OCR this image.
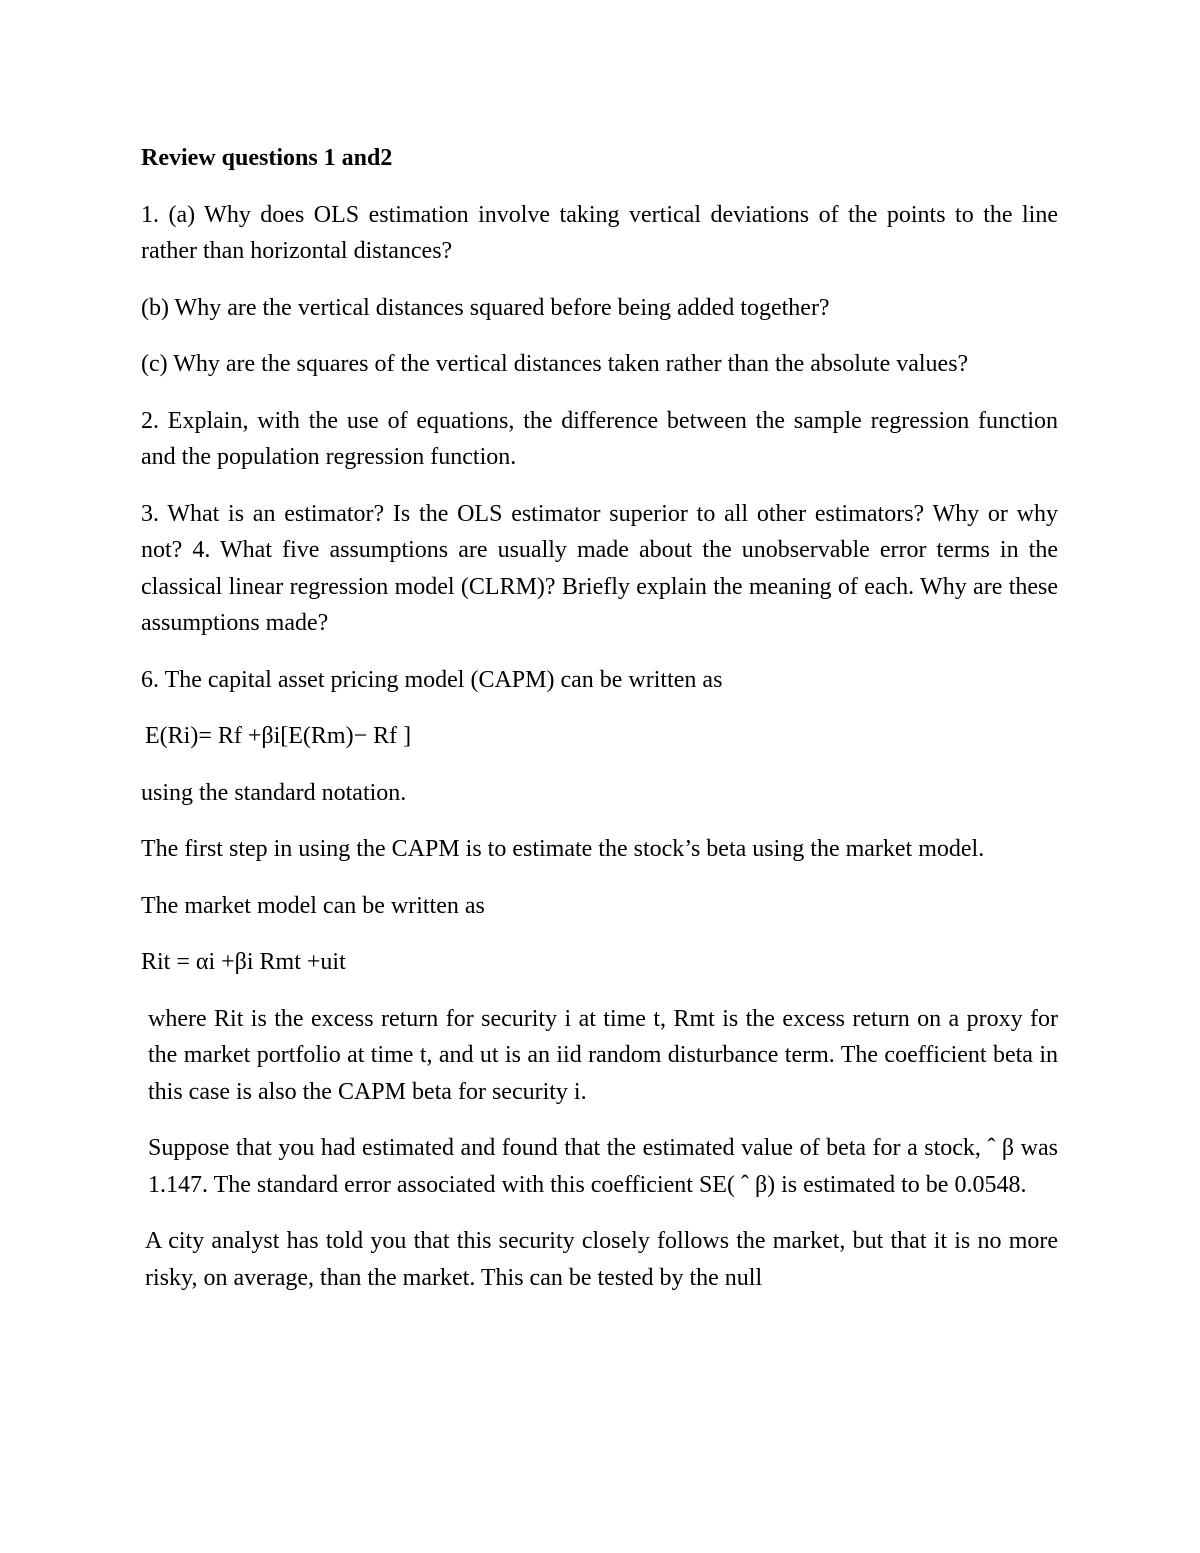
Review questions 1 and2
1. (a) Why does OLS estimation involve taking vertical deviations of the points to the line rather than horizontal distances?
(b) Why are the vertical distances squared before being added together?
(c) Why are the squares of the vertical distances taken rather than the absolute values?
2. Explain, with the use of equations, the difference between the sample regression function and the population regression function.
3. What is an estimator? Is the OLS estimator superior to all other estimators? Why or why not? 4. What five assumptions are usually made about the unobservable error terms in the classical linear regression model (CLRM)? Briefly explain the meaning of each. Why are these assumptions made?
6. The capital asset pricing model (CAPM) can be written as
E(Ri)= Rf +βi[E(Rm)− Rf ]
using the standard notation.
The first step in using the CAPM is to estimate the stock’s beta using the market model.
The market model can be written as
Rit = αi +βi Rmt +uit
where Rit is the excess return for security i at time t, Rmt is the excess return on a proxy for the market portfolio at time t, and ut is an iid random disturbance term. The coefficient beta in this case is also the CAPM beta for security i.
Suppose that you had estimated and found that the estimated value of beta for a stock, ˆ β was 1.147. The standard error associated with this coefficient SE( ˆ β) is estimated to be 0.0548.
A city analyst has told you that this security closely follows the market, but that it is no more risky, on average, than the market. This can be tested by the null
